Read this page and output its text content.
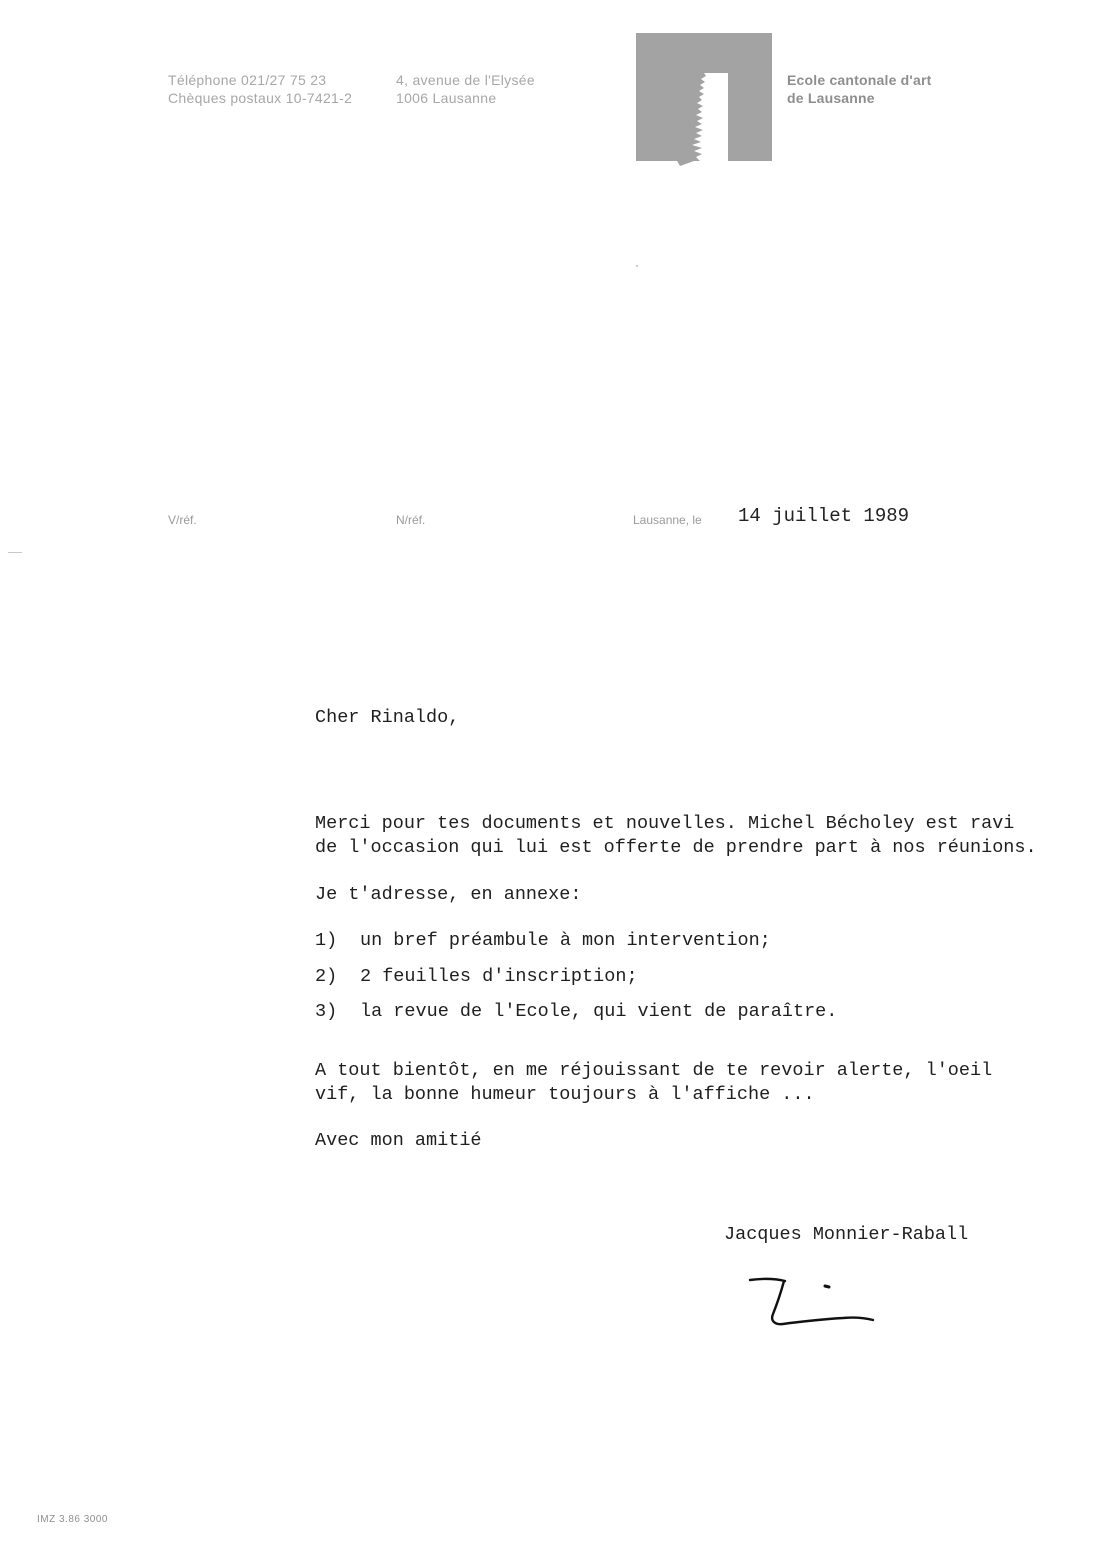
Téléphone 021/27 75 23
Chèques postaux 10-7421-2
4, avenue de l'Elysée
1006 Lausanne
Ecole cantonale d'art
de Lausanne
V/réf.	N/réf.	Lausanne, le 14 juillet 1989
Cher Rinaldo,
Merci pour tes documents et nouvelles. Michel Bécholey est ravi
de l'occasion qui lui est offerte de prendre part à nos réunions.
Je t'adresse, en annexe:
1) un bref préambule à mon intervention;
2) 2 feuilles d'inscription;
3) la revue de l'Ecole, qui vient de paraître.
A tout bientôt, en me réjouissant de te revoir alerte, l'oeil
vif, la bonne humeur toujours à l'affiche ...
Avec mon amitié
Jacques Monnier-Raball
IMZ 3.86 3000
